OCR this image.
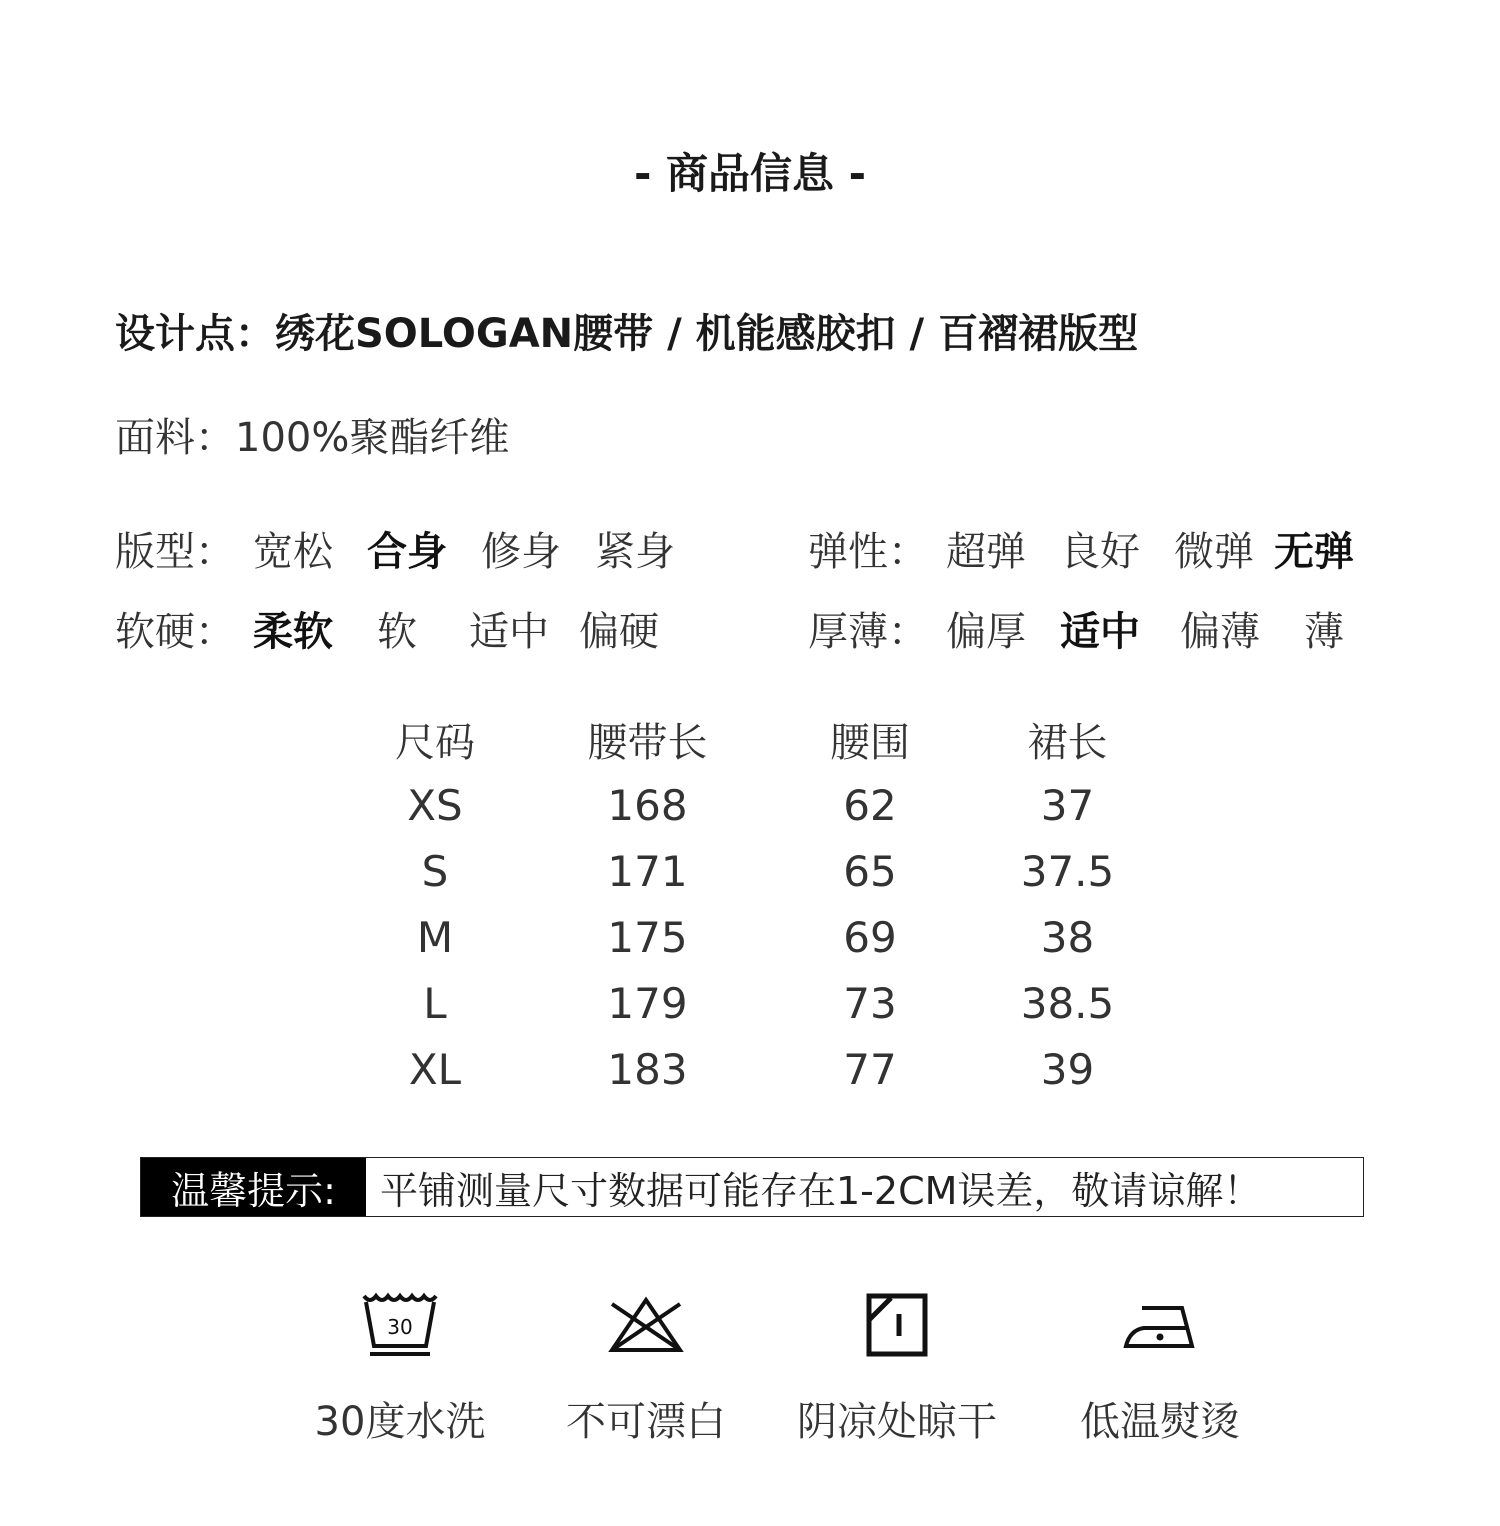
- 商品信息 -
设计点：绣花SOLOGAN腰带 / 机能感胶扣 / 百褶裙版型
面料：100%聚酯纤维
版型： 宽松 合身 修身 紧身	弹性： 超弹 良好 微弹 无弹
软硬： 柔软 软 适中 偏硬	厚薄： 偏厚 适中 偏薄 薄
尺码	腰带长	腰围	裙长
XS	168	62	37
S	171	65	37.5
M	175	69	38
L	179	73	38.5
XL	183	77	39
温馨提示:	平铺测量尺寸数据可能存在1-2CM误差，敬请谅解！
30
30度水洗	不可漂白	阴凉处晾干	低温熨烫
